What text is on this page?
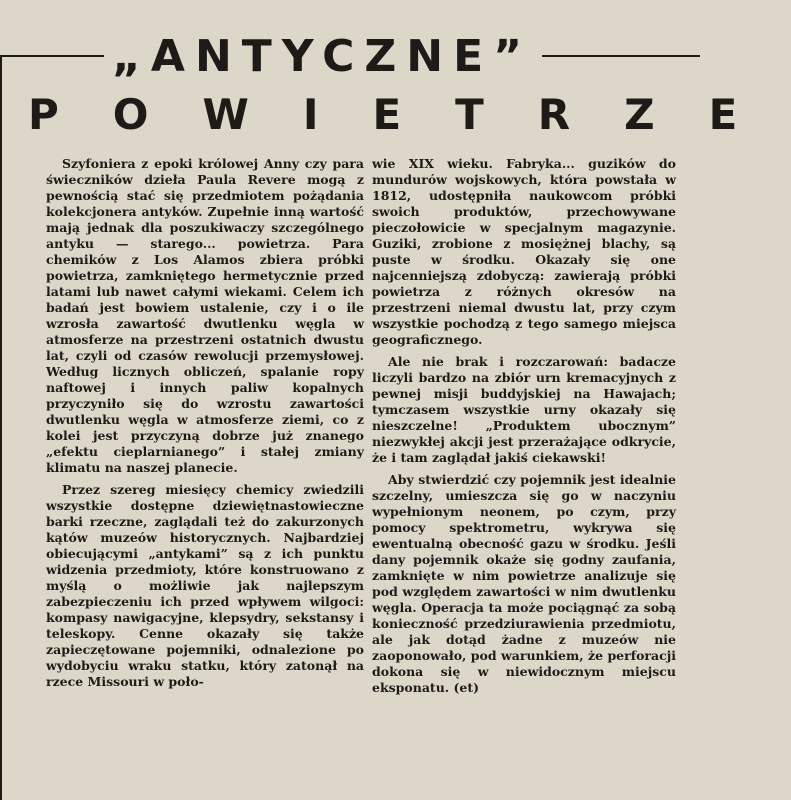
„ANTYCZNE”
POWIETRZE

Szyfoniera z epoki królowej Anny czy para świeczników dzieła Paula Revere mogą z pewnością stać się przedmiotem pożądania kolekcjonera antyków. Zupełnie inną wartość mają jednak dla poszukiwaczy szczególnego antyku — starego... powietrza. Para chemików z Los Alamos zbiera próbki powietrza, zamkniętego hermetycznie przed latami lub nawet całymi wiekami. Celem ich badań jest bowiem ustalenie, czy i o ile wzrosła zawartość dwutlenku węgla w atmosferze na przestrzeni ostatnich dwustu lat, czyli od czasów rewolucji przemysłowej. Według licznych obliczeń, spalanie ropy naftowej i innych paliw kopalnych przyczyniło się do wzrostu zawartości dwutlenku węgla w atmosferze ziemi, co z kolei jest przyczyną dobrze już znanego „efektu cieplarnianego” i stałej zmiany klimatu na naszej planecie.

Przez szereg miesięcy chemicy zwiedzili wszystkie dostępne dziewiętnastowieczne barki rzeczne, zaglądali też do zakurzonych kątów muzeów historycznych. Najbardziej obiecującymi „antykami” są z ich punktu widzenia przedmioty, które konstruowano z myślą o możliwie jak najlepszym zabezpieczeniu ich przed wpływem wilgoci: kompasy nawigacyjne, klepsydry, sekstansy i teleskopy. Cenne okazały się także zapieczętowane pojemniki, odnalezione po wydobyciu wraku statku, który zatonął na rzece Missouri w poło-

wie XIX wieku. Fabryka... guzików do mundurów wojskowych, która powstała w 1812, udostępniła naukowcom próbki swoich produktów, przechowywane pieczołowicie w specjalnym magazynie. Guziki, zrobione z mosiężnej blachy, są puste w środku. Okazały się one najcenniejszą zdobyczą: zawierają próbki powietrza z różnych okresów na przestrzeni niemal dwustu lat, przy czym wszystkie pochodzą z tego samego miejsca geograficznego.

Ale nie brak i rozczarowań: badacze liczyli bardzo na zbiór urn kremacyjnych z pewnej misji buddyjskiej na Hawajach; tymczasem wszystkie urny okazały się nieszczelne! „Produktem ubocznym” niezwykłej akcji jest przerażające odkrycie, że i tam zaglądał jakiś ciekawski!

Aby stwierdzić czy pojemnik jest idealnie szczelny, umieszcza się go w naczyniu wypełnionym neonem, po czym, przy pomocy spektrometru, wykrywa się ewentualną obecność gazu w środku. Jeśli dany pojemnik okaże się godny zaufania, zamknięte w nim powietrze analizuje się pod względem zawartości w nim dwutlenku węgla. Operacja ta może pociągnąć za sobą konieczność przedziurawienia przedmiotu, ale jak dotąd żadne z muzeów nie zaoponowało, pod warunkiem, że perforacji dokona się w niewidocznym miejscu eksponatu. (et)
